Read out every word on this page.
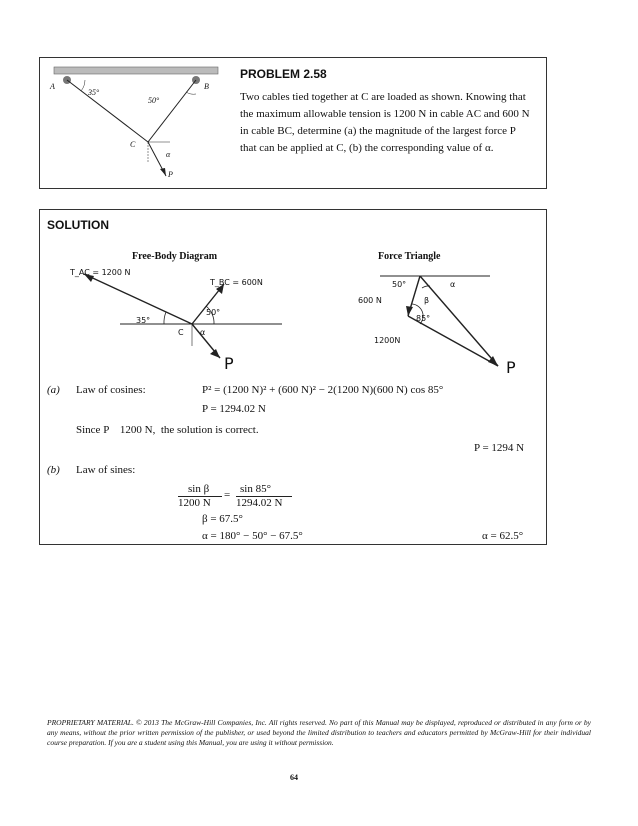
A	B
35°
50°
C
α
P
PROBLEM 2.58
Two cables tied together at C are loaded as shown. Knowing that
the maximum allowable tension is 1200 N in cable AC and 600 N
in cable BC, determine (a) the magnitude of the largest force P
that can be applied at C, (b) the corresponding value of α.
SOLUTION
Free-Body Diagram	Force Triangle
T_AC = 1200 N
T_BC = 600N
35°
50°
C α
P
50°
600 N	β
85°
1200N
α
P
(a) Law of cosines:	P² = (1200 N)² + (600 N)² − 2(1200 N)(600 N) cos 85°
P = 1294.02 N
Since P    1200 N,  the solution is correct.
P = 1294 N
(b) Law of sines:
sin β
1200 N
= sin 85°
1294.02 N
β = 67.5°
α = 180° − 50° − 67.5°	α = 62.5°
PROPRIETARY MATERIAL. © 2013 The McGraw-Hill Companies, Inc. All rights reserved. No part of this Manual may be displayed, reproduced or distributed in any form or by any means, without the prior written permission of the publisher, or used beyond the limited distribution to teachers and educators permitted by McGraw-Hill for their individual course preparation. If you are a student using this Manual, you are using it without permission.
64
